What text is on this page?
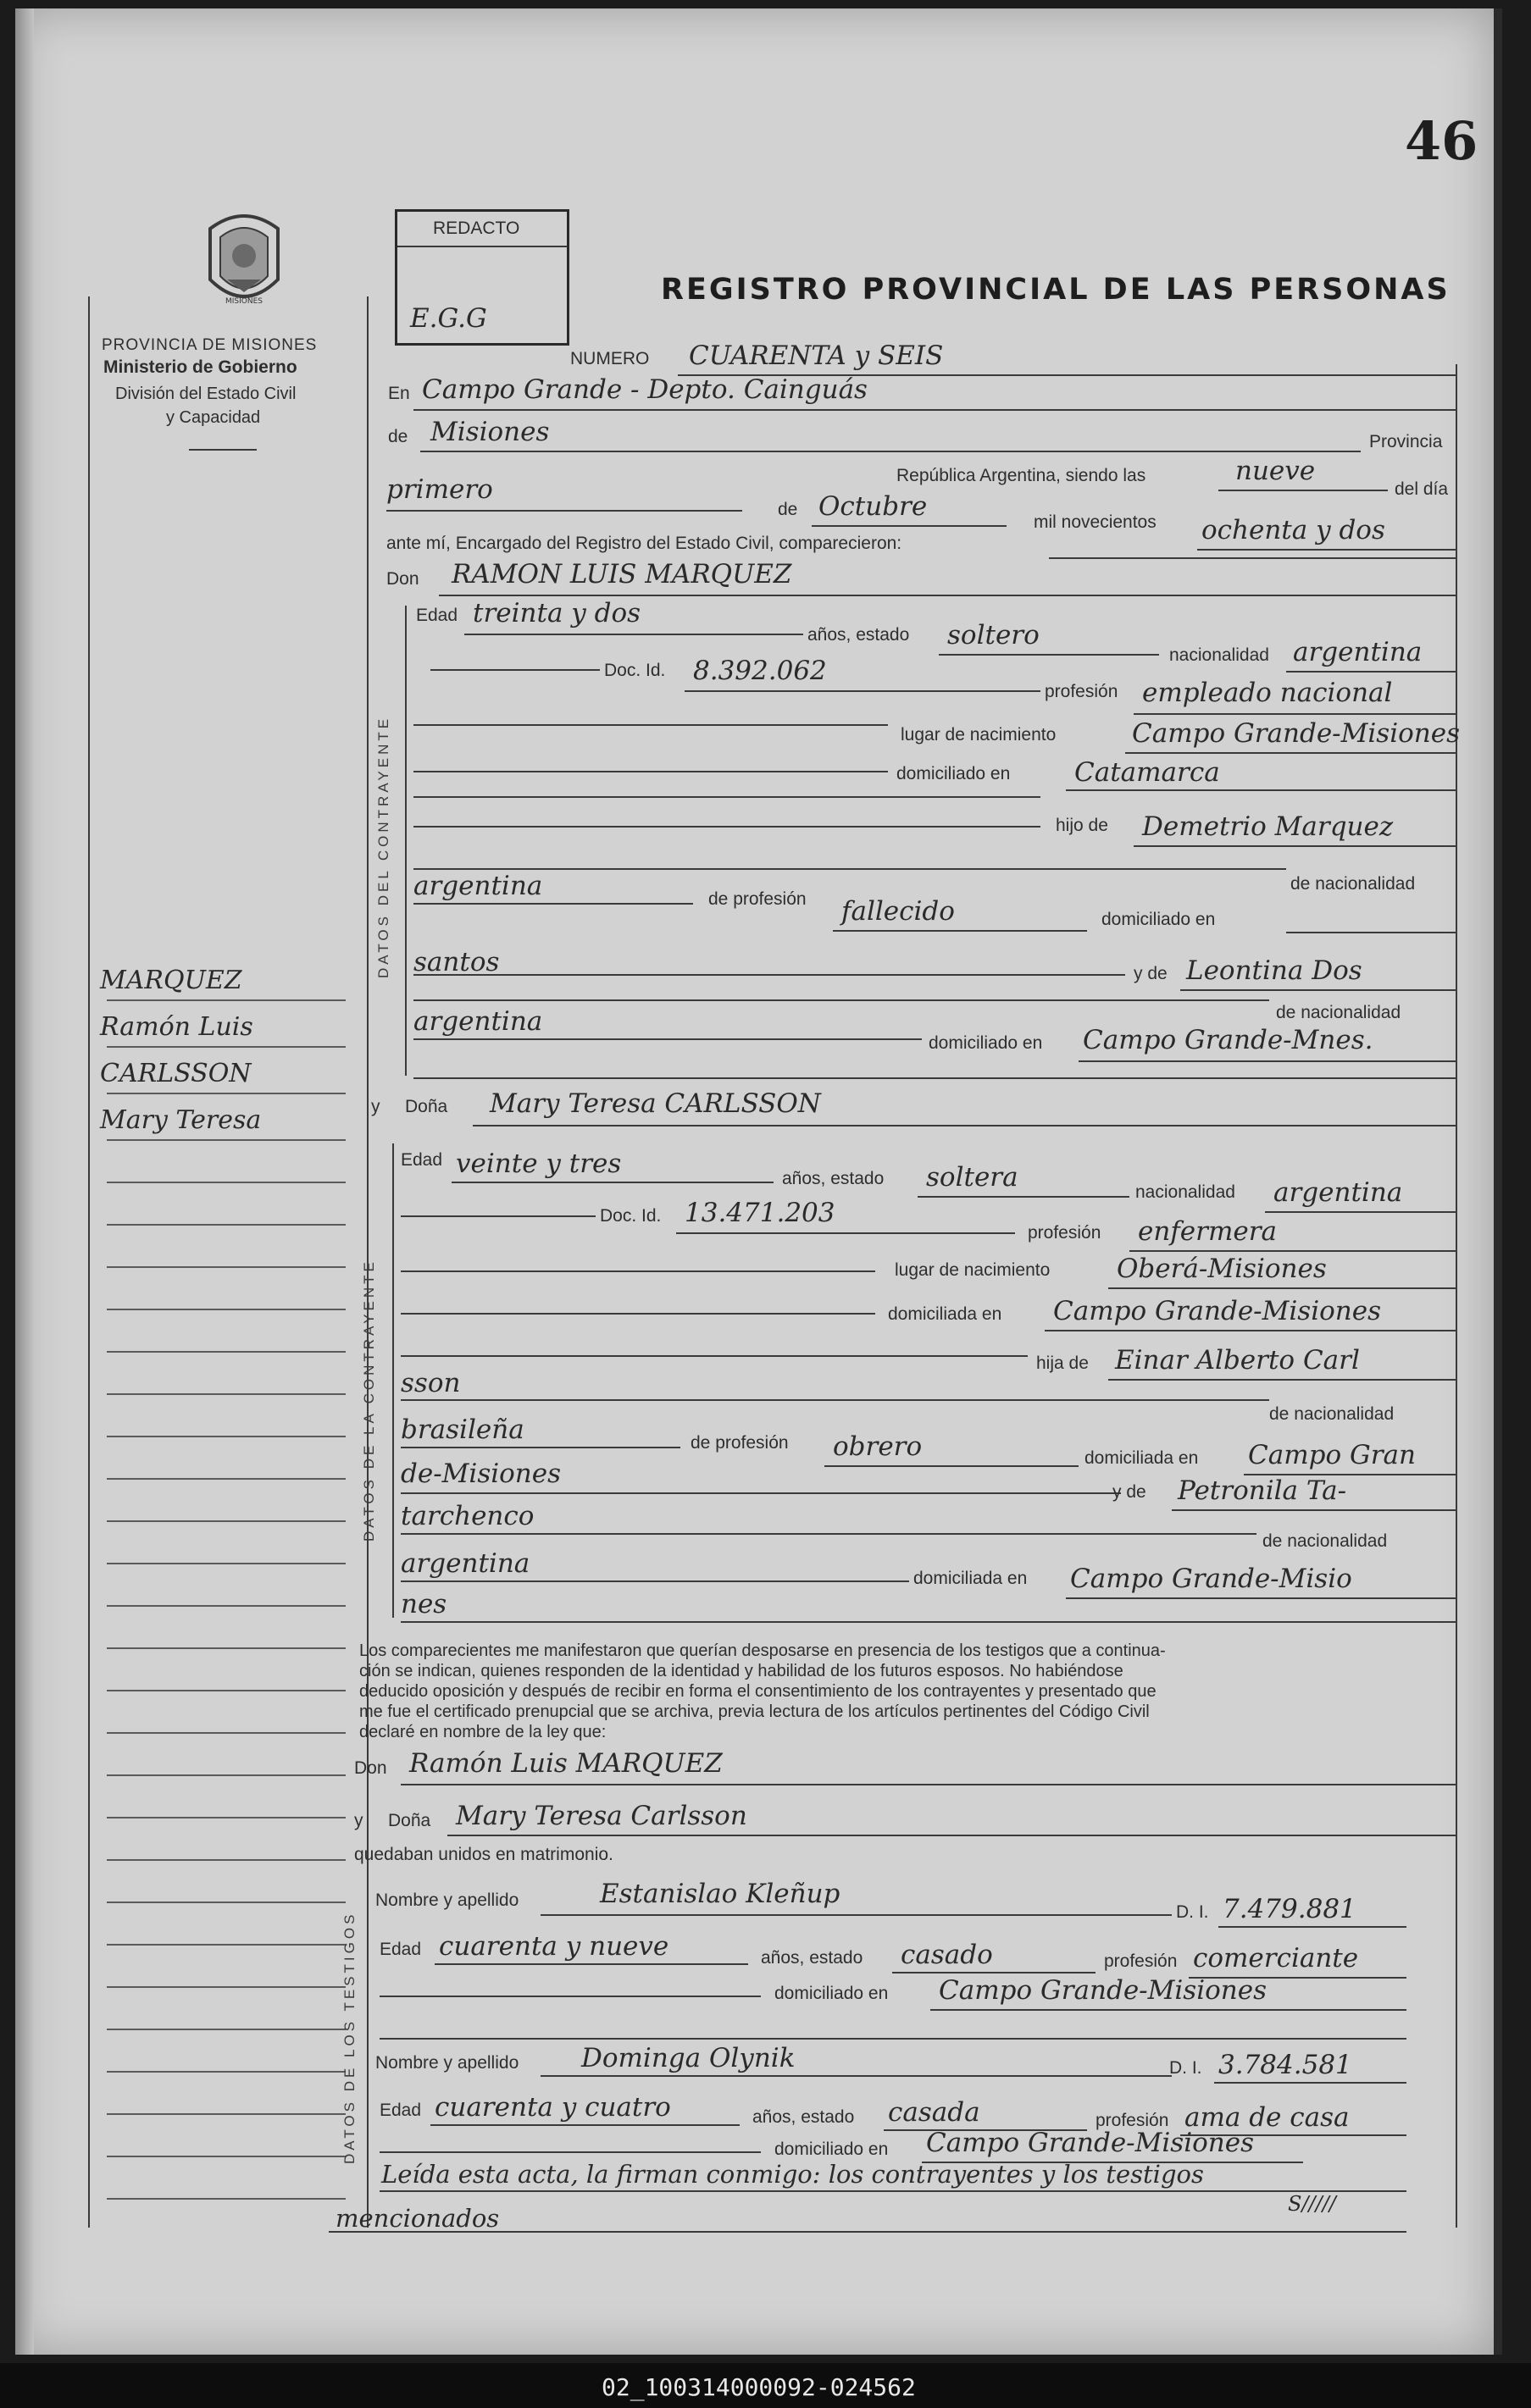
46
MISIONES
PROVINCIA DE MISIONES
Ministerio de Gobierno
División del Estado Civil
y Capacidad
REDACTO
E.G.G
REGISTRO PROVINCIAL DE LAS PERSONAS
MARQUEZ
Ramón Luis
CARLSSON
Mary Teresa
NUMERO CUARENTA y SEIS
En Campo Grande - Depto. Cainguás
de Misiones	Provincia
República Argentina, siendo las	nueve
del día
primero
de Octubre
mil novecientos ochenta y dos
ante mí, Encargado del Registro del Estado Civil, comparecieron:
Don RAMON LUIS MARQUEZ
DATOS DEL CONTRAYENTE
Edad treinta y dos
años, estado soltero
nacionalidad argentina
Doc. Id. 8.392.062
profesión empleado nacional
lugar de nacimiento	Campo Grande-Misiones
domiciliado en Catamarca
hijo de Demetrio Marquez
de nacionalidad
argentina	de profesión fallecido	domiciliado en
santos	y de Leontina Dos
de nacionalidad
argentina
domiciliado en Campo Grande-Mnes.
y Doña Mary Teresa CARLSSON
DATOS DE LA CONTRAYENTE
Edad veinte y tres	años, estado soltera	nacionalidad argentina
Doc. Id. 13.471.203
profesión enfermera
lugar de nacimiento	Oberá-Misiones
domiciliada en Campo Grande-Misiones
hija de Einar Alberto Carl
sson
de nacionalidad
brasileña	de profesión obrero	domiciliada en Campo Gran
de-Misiones
y de Petronila Ta-
tarchenco
de nacionalidad
argentina	domiciliada en Campo Grande-Misio
nes
Los comparecientes me manifestaron que querían desposarse en presencia de los testigos que a continua-
ción se indican, quienes responden de la identidad y habilidad de los futuros esposos. No habiéndose
deducido oposición y después de recibir en forma el consentimiento de los contrayentes y presentado que
me fue el certificado prenupcial que se archiva, previa lectura de los artículos pertinentes del Código Civil
declaré en nombre de la ley que:
Don Ramón Luis MARQUEZ
y Doña Mary Teresa Carlsson
quedaban unidos en matrimonio.
DATOS DE LOS TESTIGOS
Nombre y apellido	Estanislao Kleñup
D. I. 7.479.881
Edad cuarenta y nueve	años, estado casado	profesión comerciante
domiciliado en Campo Grande-Misiones
Nombre y apellido Dominga Olynik	D. I. 3.784.581
Edad cuarenta y cuatro	años, estado casada	profesión ama de casa
domiciliado en Campo Grande-Misiones
Leída esta acta, la firman conmigo: los contrayentes y los testigos
mencionados	S/////
02_100314000092-024562
